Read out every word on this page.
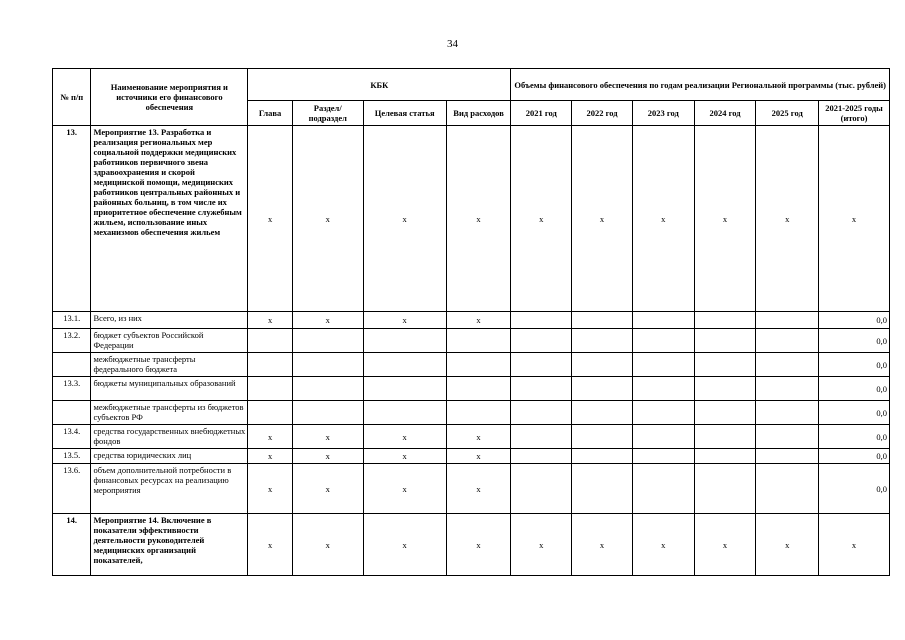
34
№ п/п	Наименование мероприятия и источники его финансового обеспечения	КБК				Объемы финансового обеспечения по годам реализации Региональной программы (тыс. рублей)					
		Глава	Раздел/ подраздел	Целевая статья	Вид расходов	2021 год	2022 год	2023 год	2024 год	2025 год	2021-2025 годы (итого)
13.	Мероприятие 13. Разработка и реализация региональных мер социальной поддержки медицинских работников первичного звена здравоохранения и скорой медицинской помощи, медицинских работников центральных районных и районных больниц, в том числе их приоритетное обеспечение служебным жильем, использование иных механизмов обеспечения жильем	x	x	x	x	x	x	x	x	x	x
13.1.	Всего, из них	x	x	x	x						0,0
13.2.	бюджет субъектов Российской Федерации										0,0
	межбюджетные трансферты федерального бюджета										0,0
13.3.	бюджеты муниципальных образований										0,0
	межбюджетные трансферты из бюджетов субъектов РФ										0,0
13.4.	средства государственных внебюджетных фондов	x	x	x	x						0,0
13.5.	средства юридических лиц	x	x	x	x						0,0
13.6.	объем дополнительной потребности в финансовых ресурсах на реализацию мероприятия	x	x	x	x						0,0
14.	Мероприятие 14. Включение в показатели эффективности деятельности руководителей медицинских организаций показателей,	x	x	x	x	x	x	x	x	x	x
